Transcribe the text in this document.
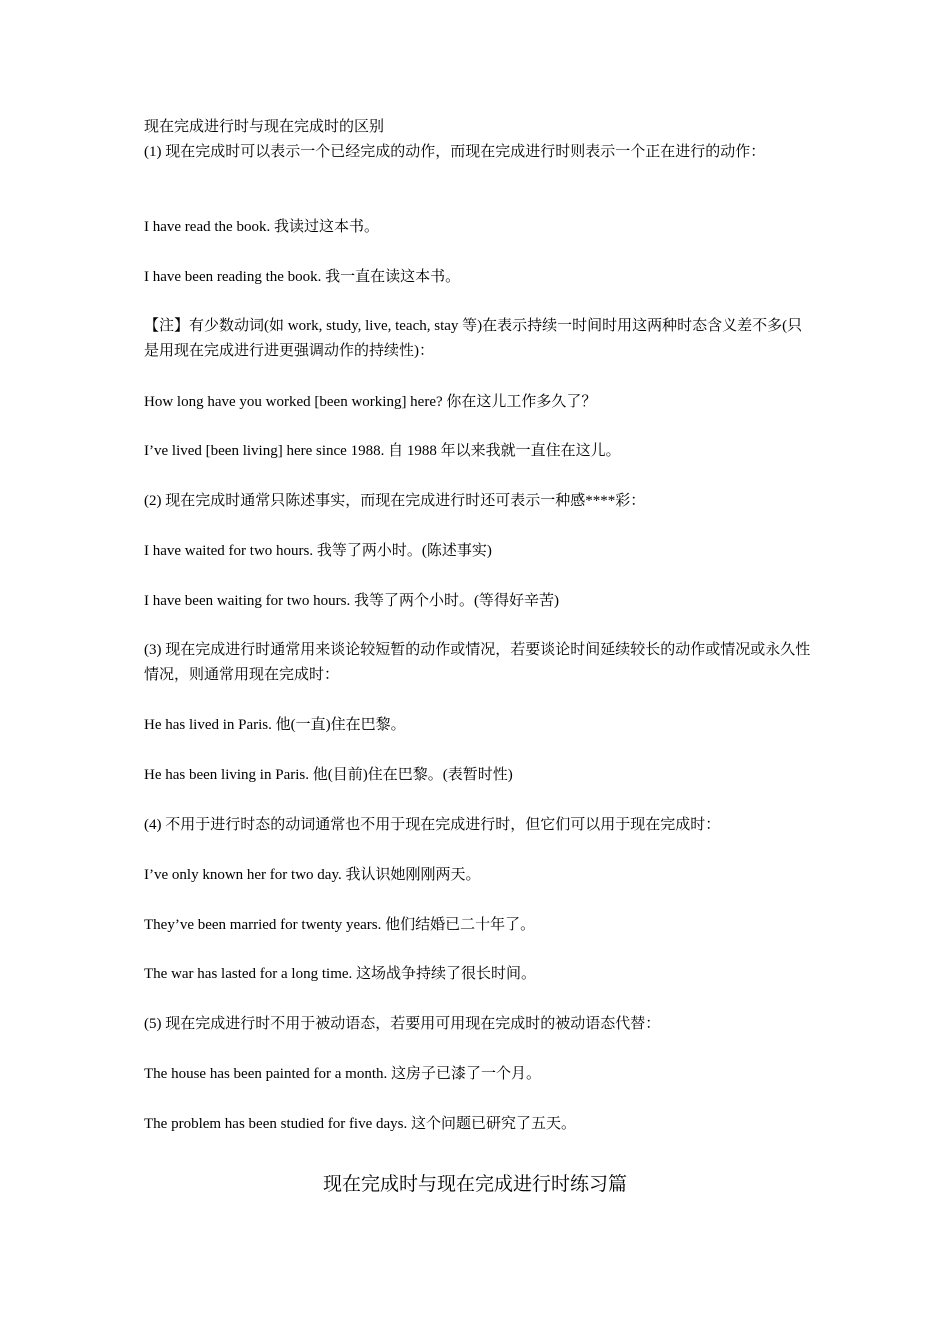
现在完成进行时与现在完成时的区别
(1) 现在完成时可以表示一个已经完成的动作，而现在完成进行时则表示一个正在进行的动作：
I have read the book. 我读过这本书。
I have been reading the book. 我一直在读这本书。
【注】有少数动词(如 work, study, live, teach, stay 等)在表示持续一时间时用这两种时态含义差不多(只是用现在完成进行进更强调动作的持续性)：
How long have you worked [been working] here? 你在这儿工作多久了？
I’ve lived [been living] here since 1988. 自 1988 年以来我就一直住在这儿。
(2) 现在完成时通常只陈述事实，而现在完成进行时还可表示一种感****彩：
I have waited for two hours. 我等了两小时。(陈述事实)
I have been waiting for two hours. 我等了两个小时。(等得好辛苦)
(3) 现在完成进行时通常用来谈论较短暂的动作或情况，若要谈论时间延续较长的动作或情况或永久性情况，则通常用现在完成时：
He has lived in Paris. 他(一直)住在巴黎。
He has been living in Paris. 他(目前)住在巴黎。(表暂时性)
(4) 不用于进行时态的动词通常也不用于现在完成进行时，但它们可以用于现在完成时：
I’ve only known her for two day. 我认识她刚刚两天。
They’ve been married for twenty years. 他们结婚已二十年了。
The war has lasted for a long time. 这场战争持续了很长时间。
(5) 现在完成进行时不用于被动语态，若要用可用现在完成时的被动语态代替：
The house has been painted for a month. 这房子已漆了一个月。
The problem has been studied for five days. 这个问题已研究了五天。
现在完成时与现在完成进行时练习篇
